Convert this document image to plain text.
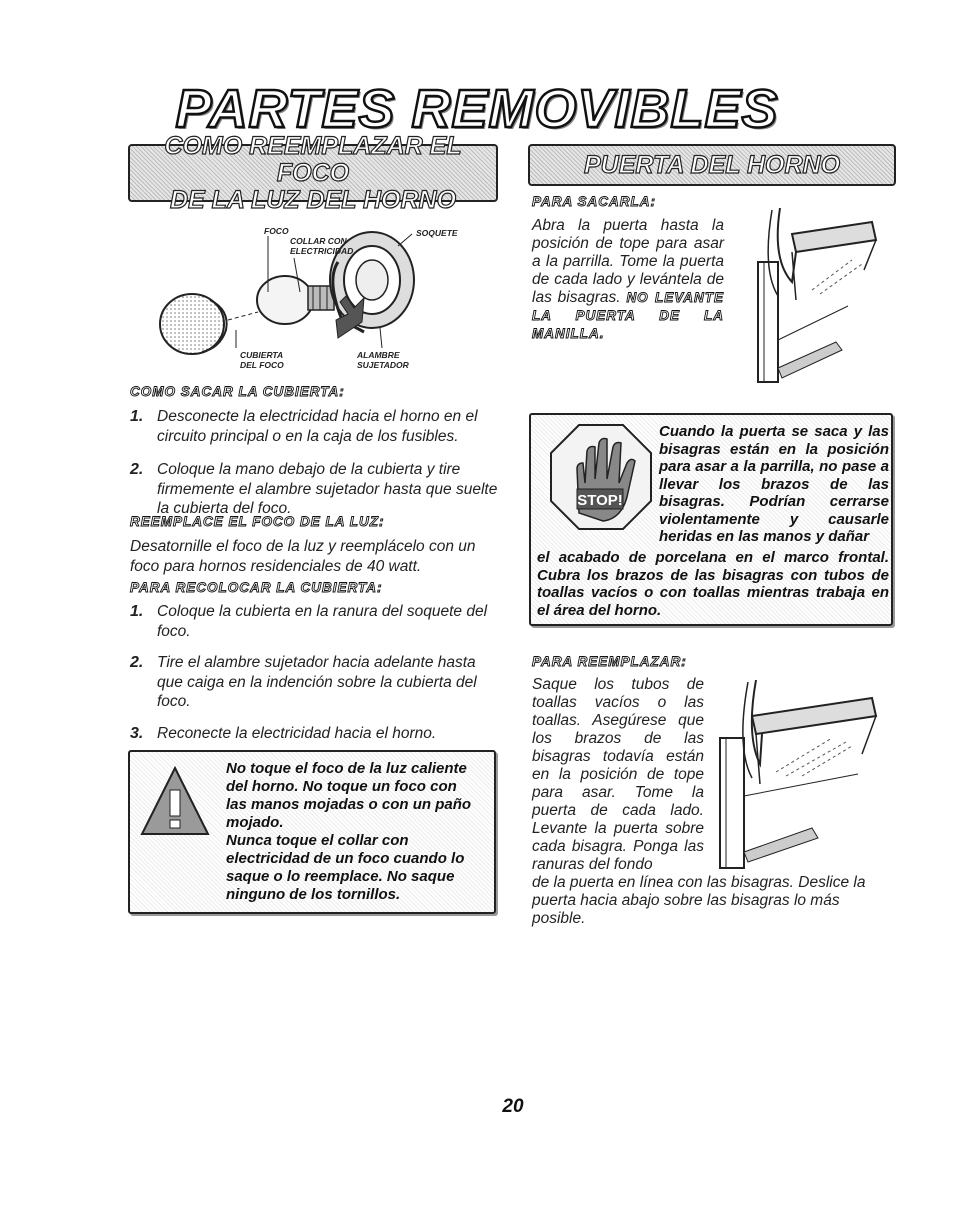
PARTES REMOVIBLES
COMO REEMPLAZAR EL FOCO
DE LA LUZ DEL HORNO
PUERTA DEL HORNO
FOCO
COLLAR CON
ELECTRICIDAD
SOQUETE
CUBIERTA
DEL FOCO
ALAMBRE
SUJETADOR
COMO SACAR LA CUBIERTA:
1. Desconecte la electricidad hacia el horno en el circuito principal o en la caja de los fusibles.
2. Coloque la mano debajo de la cubierta y tire firmemente el alambre sujetador hasta que suelte la cubierta del foco.
REEMPLACE EL FOCO DE LA LUZ:
Desatornille el foco de la luz y reemplácelo con un foco para hornos residenciales de 40 watt.
PARA RECOLOCAR LA CUBIERTA:
1. Coloque la cubierta en la ranura del soquete del foco.
2. Tire el alambre sujetador hacia adelante hasta que caiga en la indención sobre la cubierta del foco.
3. Reconecte la electricidad hacia el horno.
No toque el foco de la luz caliente del horno. No toque un foco con las manos mojadas o con un paño mojado.
Nunca toque el collar con electricidad de un foco cuando lo saque o lo reemplace. No saque ninguno de los tornillos.
PARA SACARLA:
Abra la puerta hasta la posición de tope para asar a la parrilla. Tome la puerta de cada lado y levántela de las bisagras. NO LEVANTE LA PUERTA DE LA MANILLA.
STOP!
Cuando la puerta se saca y las bisagras están en la posición para asar a la parrilla, no pase a llevar los brazos de las bisagras. Podrían cerrarse violentamente y causarle heridas en las manos y dañar
el acabado de porcelana en el marco frontal. Cubra los brazos de las bisagras con tubos de toallas vacíos o con toallas mientras trabaja en el área del horno.
PARA REEMPLAZAR:
Saque los tubos de toallas vacíos o las toallas. Asegúrese que los brazos de las bisagras todavía están en la posición de tope para asar. Tome la puerta de cada lado. Levante la puerta sobre cada bisagra. Ponga las ranuras del fondo
de la puerta en línea con las bisagras. Deslice la puerta hacia abajo sobre las bisagras lo más posible.
20
